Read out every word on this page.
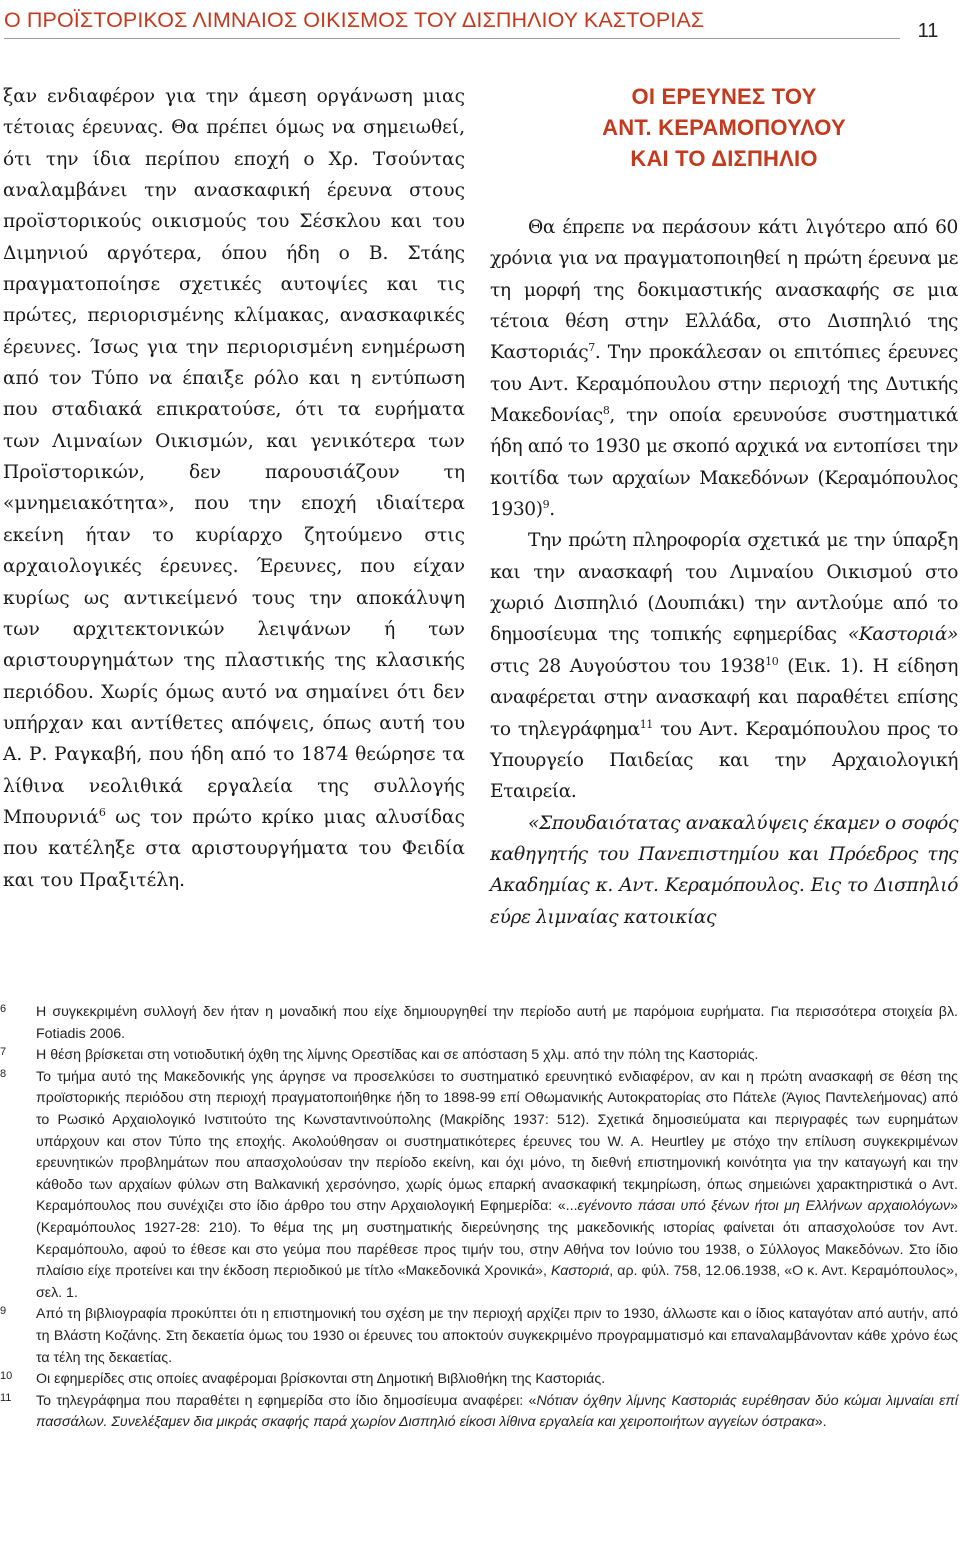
Ο ΠΡΟΪΣΤΟΡΙΚΟΣ ΛΙΜΝΑΙΟΣ ΟΙΚΙΣΜΟΣ ΤΟΥ ΔΙΣΠΗΛΙΟΥ ΚΑΣΤΟΡΙΑΣ	11

ξαν ενδιαφέρον για την άμεση οργάνωση μιας τέτοιας έρευνας. Θα πρέπει όμως να σημειωθεί, ότι την ίδια περίπου εποχή ο Χρ. Τσούντας αναλαμβάνει την ανασκαφική έρευνα στους προϊστορικούς οικισμούς του Σέσκλου και του Διμηνιού αργότερα, όπου ήδη ο Β. Στάης πραγματοποίησε σχετικές αυτοψίες και τις πρώτες, περιορισμένης κλίμακας, ανασκαφικές έρευνες. Ίσως για την περιορισμένη ενημέρωση από τον Τύπο να έπαιξε ρόλο και η εντύπωση που σταδιακά επικρατούσε, ότι τα ευρήματα των Λιμναίων Οικισμών, και γενικότερα των Προϊστορικών, δεν παρουσιάζουν τη «μνημειακότητα», που την εποχή ιδιαίτερα εκείνη ήταν το κυρίαρχο ζητούμενο στις αρχαιολογικές έρευνες. Έρευνες, που είχαν κυρίως ως αντικείμενό τους την αποκάλυψη των αρχιτεκτονικών λειψάνων ή των αριστουργημάτων της πλαστικής της κλασικής περιόδου. Χωρίς όμως αυτό να σημαίνει ότι δεν υπήρχαν και αντίθετες απόψεις, όπως αυτή του Α. Ρ. Ραγκαβή, που ήδη από το 1874 θεώρησε τα λίθινα νεολιθικά εργαλεία της συλλογής Μπουρνιά$^6$ ως τον πρώτο κρίκο μιας αλυσίδας που κατέληξε στα αριστουργήματα του Φειδία και του Πραξιτέλη.

ΟΙ ΕΡΕΥΝΕΣ ΤΟΥ
ΑΝΤ. ΚΕΡΑΜΟΠΟΥΛΟΥ
ΚΑΙ ΤΟ ΔΙΣΠΗΛΙΟ

Θα έπρεπε να περάσουν κάτι λιγότερο από 60 χρόνια για να πραγματοποιηθεί η πρώτη έρευνα με τη μορφή της δοκιμαστικής ανασκαφής σε μια τέτοια θέση στην Ελλάδα, στο Δισπηλιό της Καστοριάς$^7$. Την προκάλεσαν οι επιτόπιες έρευνες του Αντ. Κεραμόπουλου στην περιοχή της Δυτικής Μακεδονίας$^8$, την οποία ερευνούσε συστηματικά ήδη από το 1930 με σκοπό αρχικά να εντοπίσει την κοιτίδα των αρχαίων Μακεδόνων (Κεραμόπουλος 1930)$^9$.

Την πρώτη πληροφορία σχετικά με την ύπαρξη και την ανασκαφή του Λιμναίου Οικισμού στο χωριό Δισπηλιό (Δουπιάκι) την αντλούμε από το δημοσίευμα της τοπικής εφημερίδας «Καστοριά» στις 28 Αυγούστου του 1938$^{10}$ (Εικ. 1). Η είδηση αναφέρεται στην ανασκαφή και παραθέτει επίσης το τηλεγράφημα$^{11}$ του Αντ. Κεραμόπουλου προς το Υπουργείο Παιδείας και την Αρχαιολογική Εταιρεία.

«Σπουδαιότατας ανακαλύψεις έκαμεν ο σοφός καθηγητής του Πανεπιστημίου και Πρόεδρος της Ακαδημίας κ. Αντ. Κεραμόπουλος. Εις το Δισπηλιό εύρε λιμναίας κατοικίας

6 Η συγκεκριμένη συλλογή δεν ήταν η μοναδική που είχε δημιουργηθεί την περίοδο αυτή με παρόμοια ευρήματα. Για περισσότερα στοιχεία βλ. Fotiadis 2006.
7 Η θέση βρίσκεται στη νοτιοδυτική όχθη της λίμνης Ορεστίδας και σε απόσταση 5 χλμ. από την πόλη της Καστοριάς.
8 Το τμήμα αυτό της Μακεδονικής γης άργησε να προσελκύσει το συστηματικό ερευνητικό ενδιαφέρον, αν και η πρώτη ανασκαφή σε θέση της προϊστορικής περιόδου στη περιοχή πραγματοποιήθηκε ήδη το 1898-99 επί Οθωμανικής Αυτοκρατορίας στο Πάτελε (Άγιος Παντελεήμονας) από το Ρωσικό Αρχαιολογικό Ινστιτούτο της Κωνσταντινούπολης (Μακρίδης 1937: 512). Σχετικά δημοσιεύματα και περιγραφές των ευρημάτων υπάρχουν και στον Τύπο της εποχής. Ακολούθησαν οι συστηματικότερες έρευνες του W. A. Heurtley με στόχο την επίλυση συγκεκριμένων ερευνητικών προβλημάτων που απασχολούσαν την περίοδο εκείνη, και όχι μόνο, τη διεθνή επιστημονική κοινότητα για την καταγωγή και την κάθοδο των αρχαίων φύλων στη Βαλκανική χερσόνησο, χωρίς όμως επαρκή ανασκαφική τεκμηρίωση, όπως σημειώνει χαρακτηριστικά ο Αντ. Κεραμόπουλος που συνέχιζει στο ίδιο άρθρο του στην Αρχαιολογική Εφημερίδα: «...εγένοντο πάσαι υπό ξένων ήτοι μη Ελλήνων αρχαιολόγων» (Κεραμόπουλος 1927-28: 210). Το θέμα της μη συστηματικής διερεύνησης της μακεδονικής ιστορίας φαίνεται ότι απασχολούσε τον Αντ. Κεραμόπουλο, αφού το έθεσε και στο γεύμα που παρέθεσε προς τιμήν του, στην Αθήνα τον Ιούνιο του 1938, ο Σύλλογος Μακεδόνων. Στο ίδιο πλαίσιο είχε προτείνει και την έκδοση περιοδικού με τίτλο «Μακεδονικά Χρονικά», Καστοριά, αρ. φύλ. 758, 12.06.1938, «Ο κ. Αντ. Κεραμόπουλος», σελ. 1.
9 Από τη βιβλιογραφία προκύπτει ότι η επιστημονική του σχέση με την περιοχή αρχίζει πριν το 1930, άλλωστε και ο ίδιος καταγόταν από αυτήν, από τη Βλάστη Κοζάνης. Στη δεκαετία όμως του 1930 οι έρευνες του αποκτούν συγκεκριμένο προγραμματισμό και επαναλαμβάνονταν κάθε χρόνο έως τα τέλη της δεκαετίας.
10 Οι εφημερίδες στις οποίες αναφέρομαι βρίσκονται στη Δημοτική Βιβλιοθήκη της Καστοριάς.
11 Το τηλεγράφημα που παραθέτει η εφημερίδα στο ίδιο δημοσίευμα αναφέρει: «Νότιαν όχθην λίμνης Καστοριάς ευρέθησαν δύο κώμαι λιμναίαι επί πασσάλων. Συνελέξαμεν δια μικράς σκαφής παρά χωρίον Δισπηλιό είκοσι λίθινα εργαλεία και χειροποιήτων αγγείων όστρακα».
